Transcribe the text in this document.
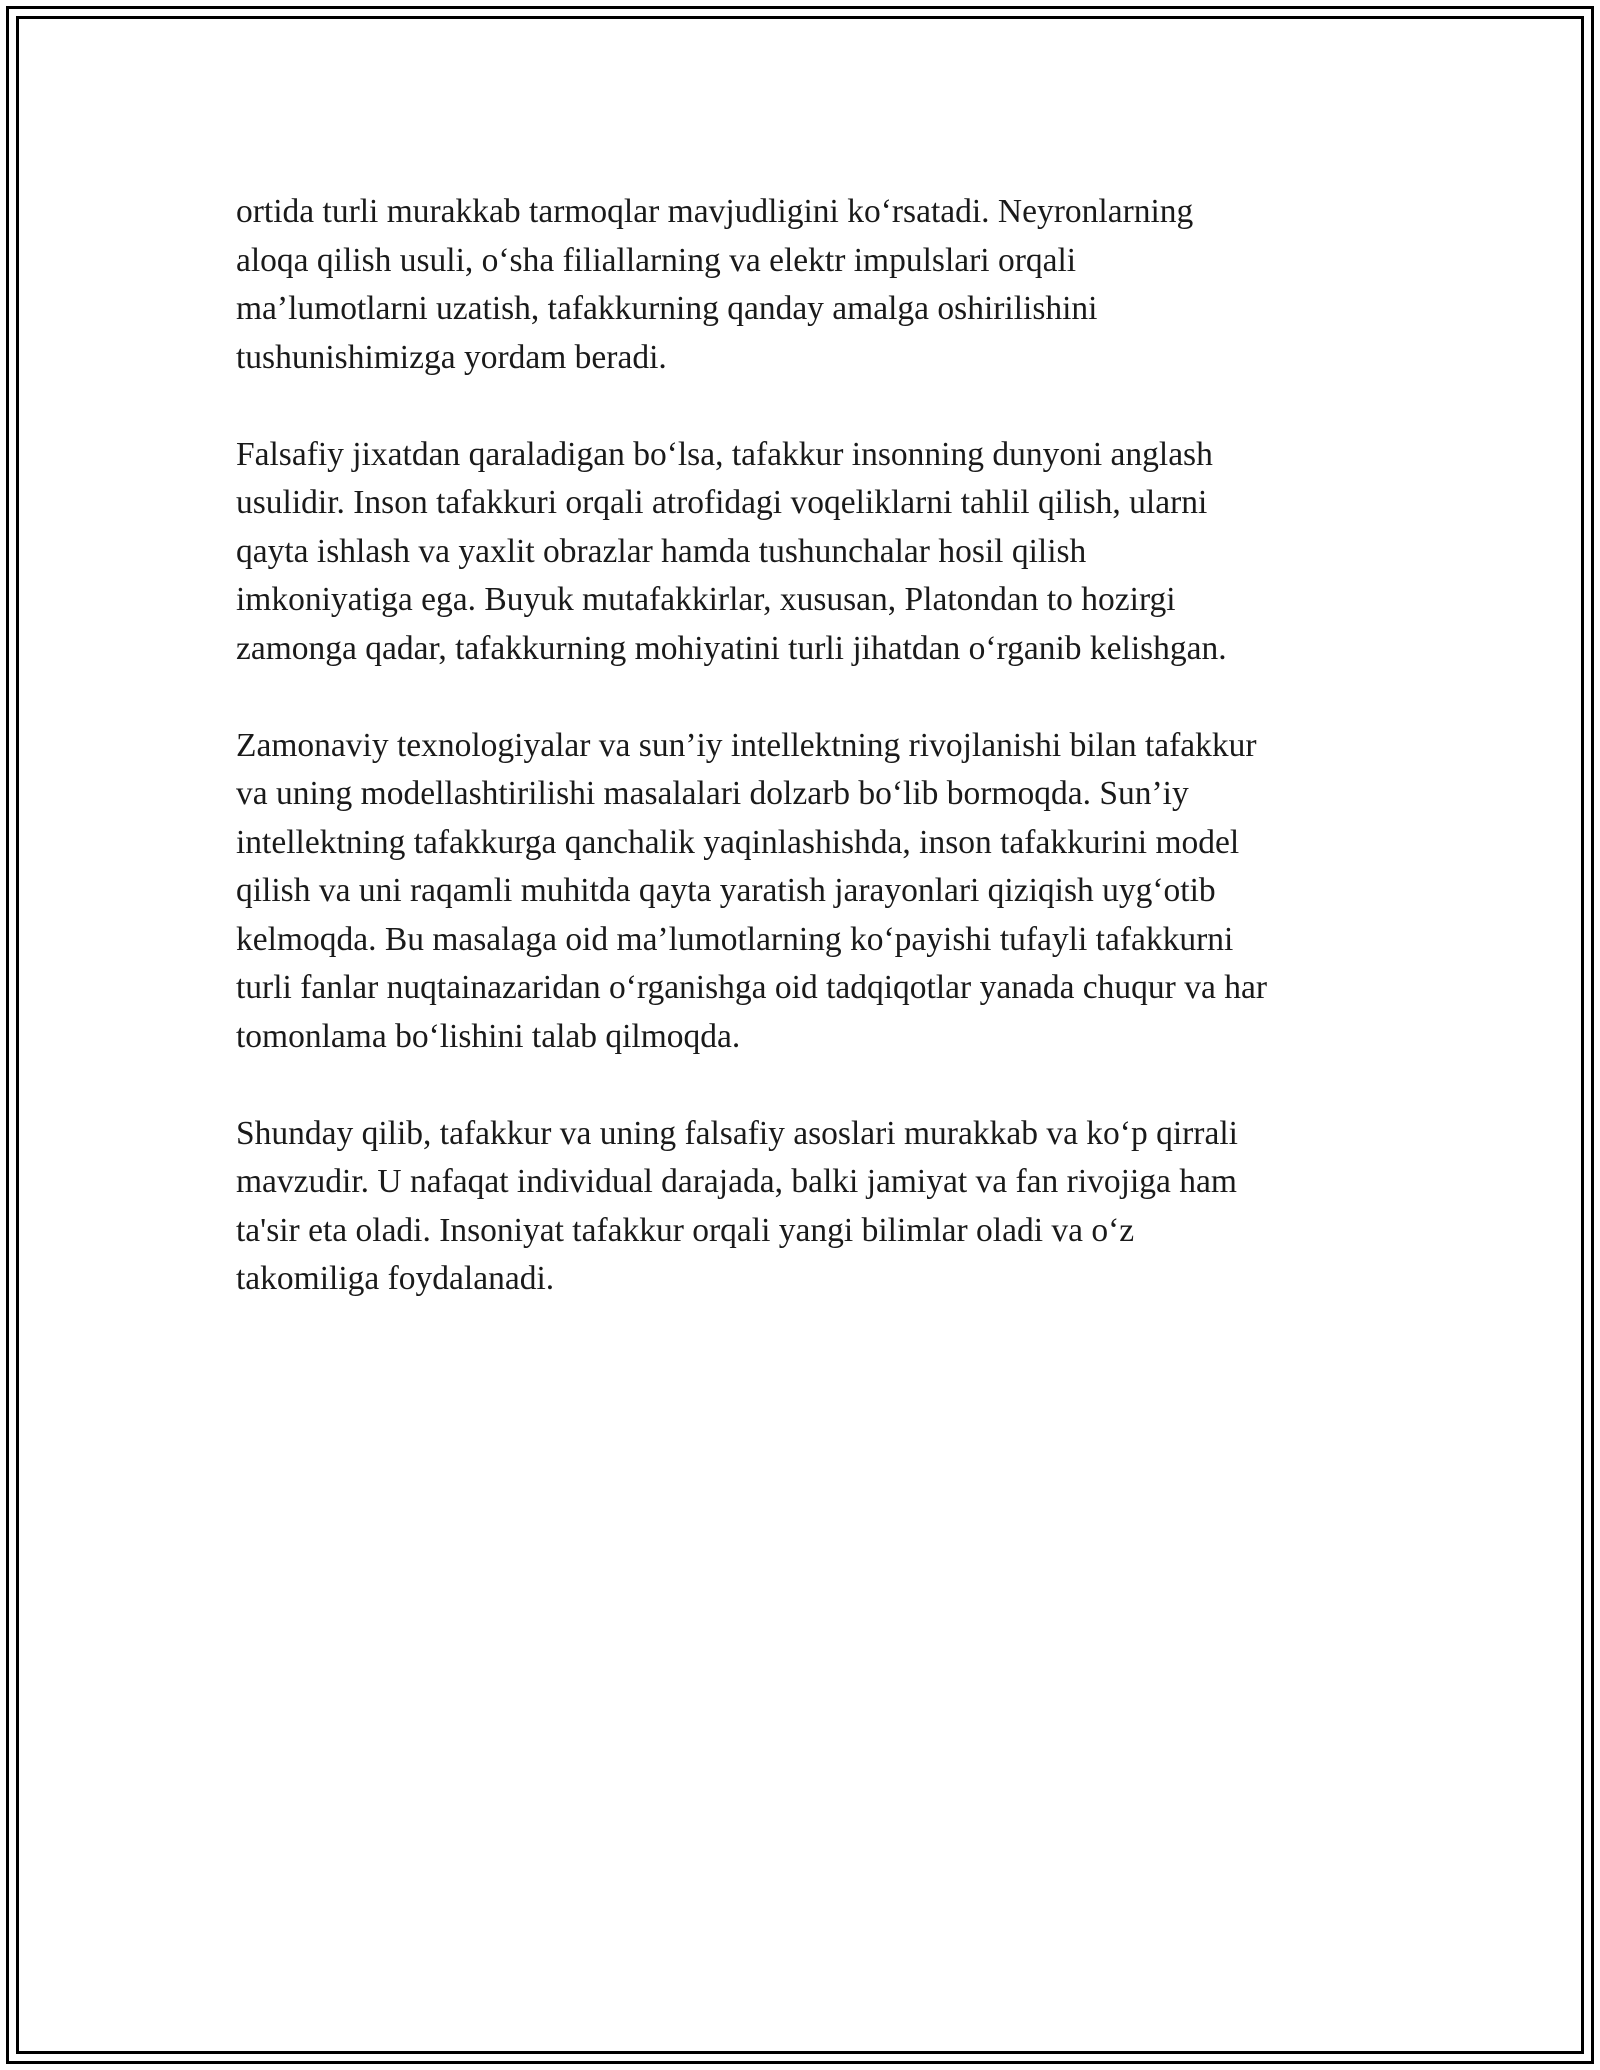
ortida turli murakkab tarmoqlar mavjudligini ko‘rsatadi. Neyronlarning
aloqa qilish usuli, o‘sha filiallarning va elektr impulslari orqali
ma’lumotlarni uzatish, tafakkurning qanday amalga oshirilishini
tushunishimizga yordam beradi.

Falsafiy jixatdan qaraladigan bo‘lsa, tafakkur insonning dunyoni anglash
usulidir. Inson tafakkuri orqali atrofidagi voqeliklarni tahlil qilish, ularni
qayta ishlash va yaxlit obrazlar hamda tushunchalar hosil qilish
imkoniyatiga ega. Buyuk mutafakkirlar, xususan, Platondan to hozirgi
zamonga qadar, tafakkurning mohiyatini turli jihatdan o‘rganib kelishgan.

Zamonaviy texnologiyalar va sun’iy intellektning rivojlanishi bilan tafakkur
va uning modellashtirilishi masalalari dolzarb bo‘lib bormoqda. Sun’iy
intellektning tafakkurga qanchalik yaqinlashishda, inson tafakkurini model
qilish va uni raqamli muhitda qayta yaratish jarayonlari qiziqish uyg‘otib
kelmoqda. Bu masalaga oid ma’lumotlarning ko‘payishi tufayli tafakkurni
turli fanlar nuqtainazaridan o‘rganishga oid tadqiqotlar yanada chuqur va har
tomonlama bo‘lishini talab qilmoqda.

Shunday qilib, tafakkur va uning falsafiy asoslari murakkab va ko‘p qirrali
mavzudir. U nafaqat individual darajada, balki jamiyat va fan rivojiga ham
ta'sir eta oladi. Insoniyat tafakkur orqali yangi bilimlar oladi va o‘z
takomiliga foydalanadi.
